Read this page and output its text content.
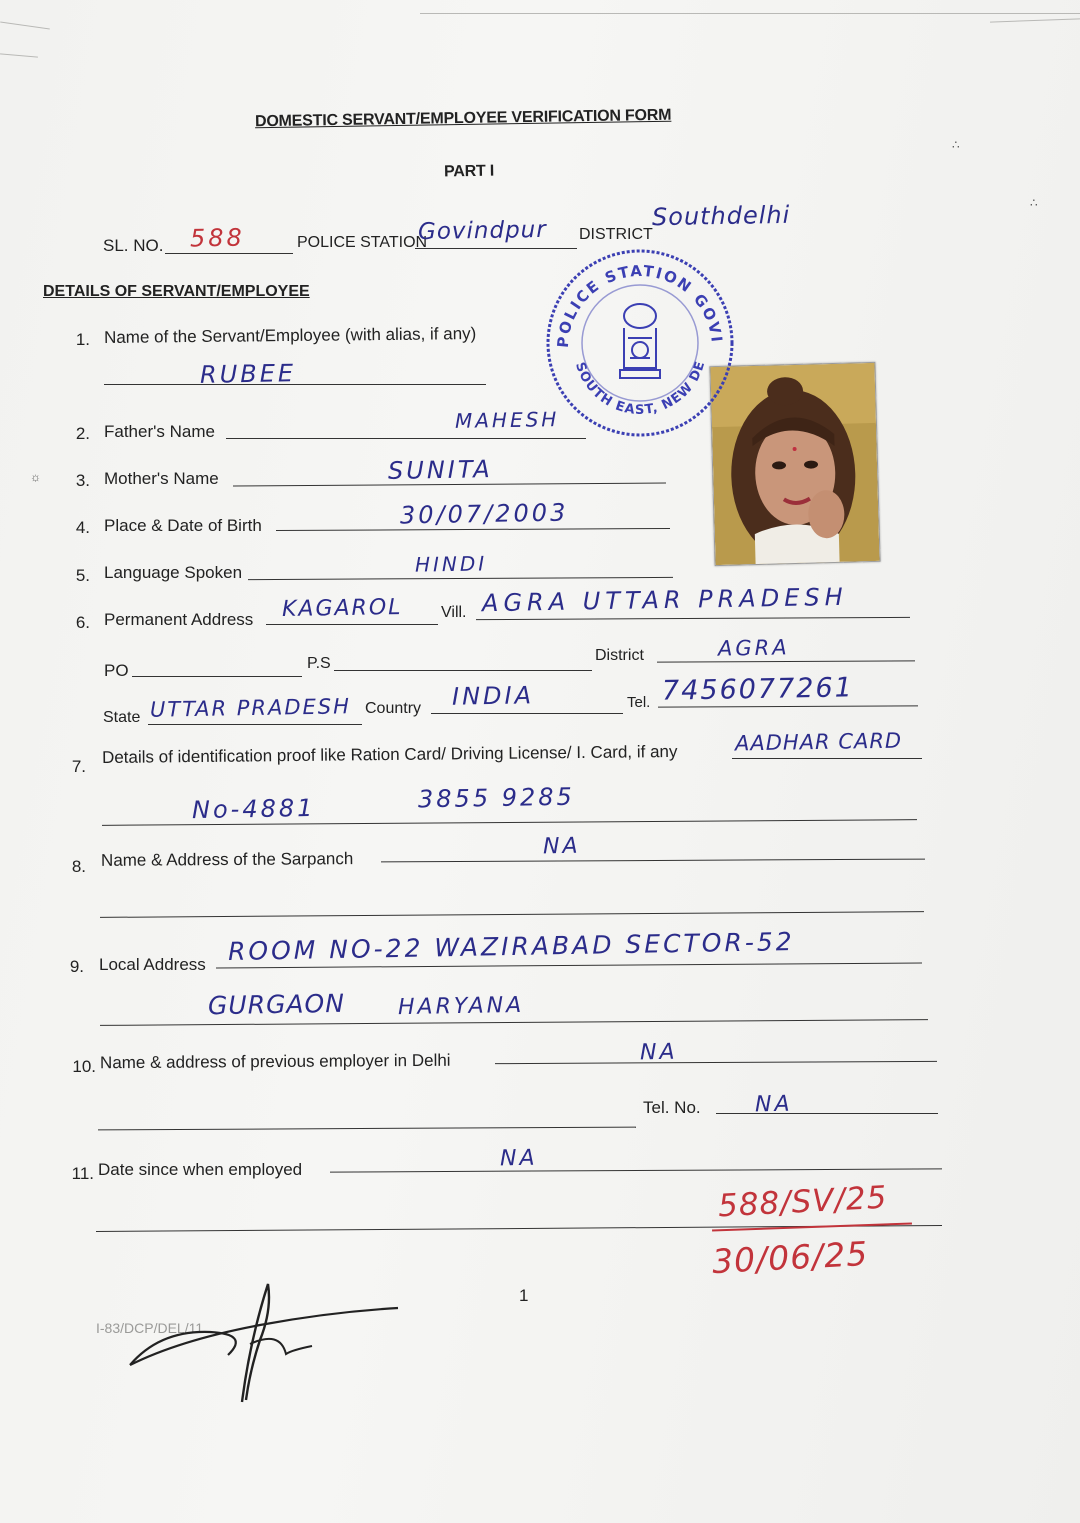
DOMESTIC SERVANT/EMPLOYEE VERIFICATION FORM
PART I
SL. NO. 588	POLICE STATION
Govindpur DISTRICT
Southdelhi
DETAILS OF SERVANT/EMPLOYEE
1. Name of the Servant/Employee (with alias, if any)
RUBEE
2. Father's Name	MAHESH
3. Mother's Name	SUNITA
4. Place & Date of Birth	30/07/2003
5. Language Spoken	HINDI
6. Permanent Address KAGAROL Vill. AGRA UTTAR PRADESH
PO	P.S	District	AGRA
State UTTAR PRADESH Country INDIA	Tel. 7456077261
7. Details of identification proof like Ration Card/ Driving License/ I. Card, if any	AADHAR CARD
No-4881	3855 9285
8. Name & Address of the Sarpanch
NA
9. Local Address ROOM NO-22 WAZIRABAD SECTOR-52
GURGAON HARYANA
10. Name & address of previous employer in Delhi	NA
Tel. No. NA
11. Date since when employed	NA
588/SV/25
30/06/25
POLICE STATION GOVI
SOUTH EAST, NEW DE
1
I-83/DCP/DEL/11
☼
∴
∴
